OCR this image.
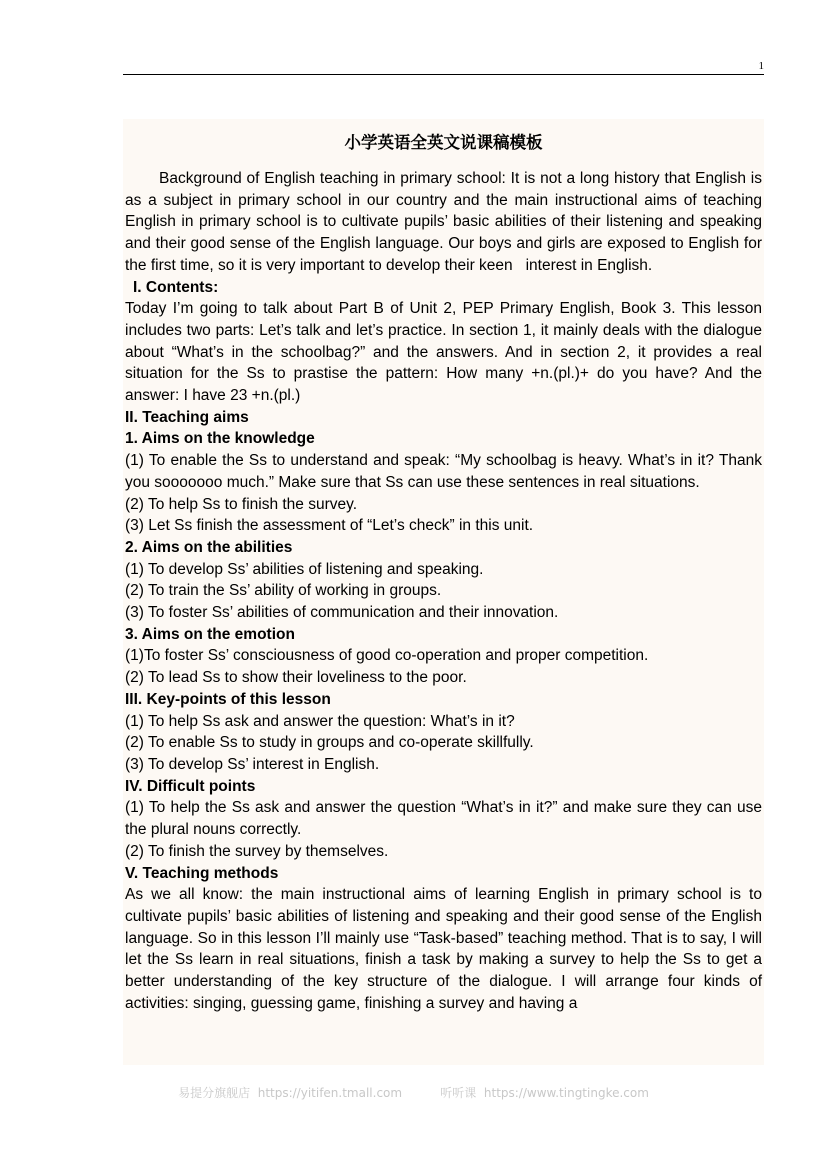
1
小学英语全英文说课稿模板

Background of English teaching in primary school: It is not a long history that English is as a subject in primary school in our country and the main instructional aims of teaching English in primary school is to cultivate pupils’ basic abilities of their listening and speaking and their good sense of the English language. Our boys and girls are exposed to English for the first time, so it is very important to develop their keen   interest in English.

I. Contents:

Today I’m going to talk about Part B of Unit 2, PEP Primary English, Book 3. This lesson includes two parts: Let’s talk and let’s practice. In section 1, it mainly deals with the dialogue about “What’s in the schoolbag?” and the answers. And in section 2, it provides a real situation for the Ss to prastise the pattern: How many +n.(pl.)+ do you have? And the answer: I have 23 +n.(pl.)

II. Teaching aims

1. Aims on the knowledge

(1) To enable the Ss to understand and speak: “My schoolbag is heavy. What’s in it? Thank you sooooooo much.” Make sure that Ss can use these sentences in real situations.

(2) To help Ss to finish the survey.

(3) Let Ss finish the assessment of “Let’s check” in this unit.

2. Aims on the abilities

(1) To develop Ss’ abilities of listening and speaking.

(2) To train the Ss’ ability of working in groups.

(3) To foster Ss’ abilities of communication and their innovation.

3. Aims on the emotion

(1)To foster Ss’ consciousness of good co-operation and proper competition.

(2) To lead Ss to show their loveliness to the poor.

III. Key-points of this lesson

(1) To help Ss ask and answer the question: What’s in it?

(2) To enable Ss to study in groups and co-operate skillfully.

(3) To develop Ss’ interest in English.

IV. Difficult points

(1) To help the Ss ask and answer the question “What’s in it?” and make sure they can use the plural nouns correctly.

(2) To finish the survey by themselves.

V. Teaching methods

As we all know: the main instructional aims of learning English in primary school is to cultivate pupils’ basic abilities of listening and speaking and their good sense of the English language. So in this lesson I’ll mainly use “Task-based” teaching method. That is to say, I will let the Ss learn in real situations, finish a task by making a survey to help the Ss to get a better understanding of the key structure of the dialogue. I will arrange four kinds of activities: singing, guessing game, finishing a survey and having a

易提分旗舰店  https://yitifen.tmall.com	听听课  https://www.tingtingke.com
